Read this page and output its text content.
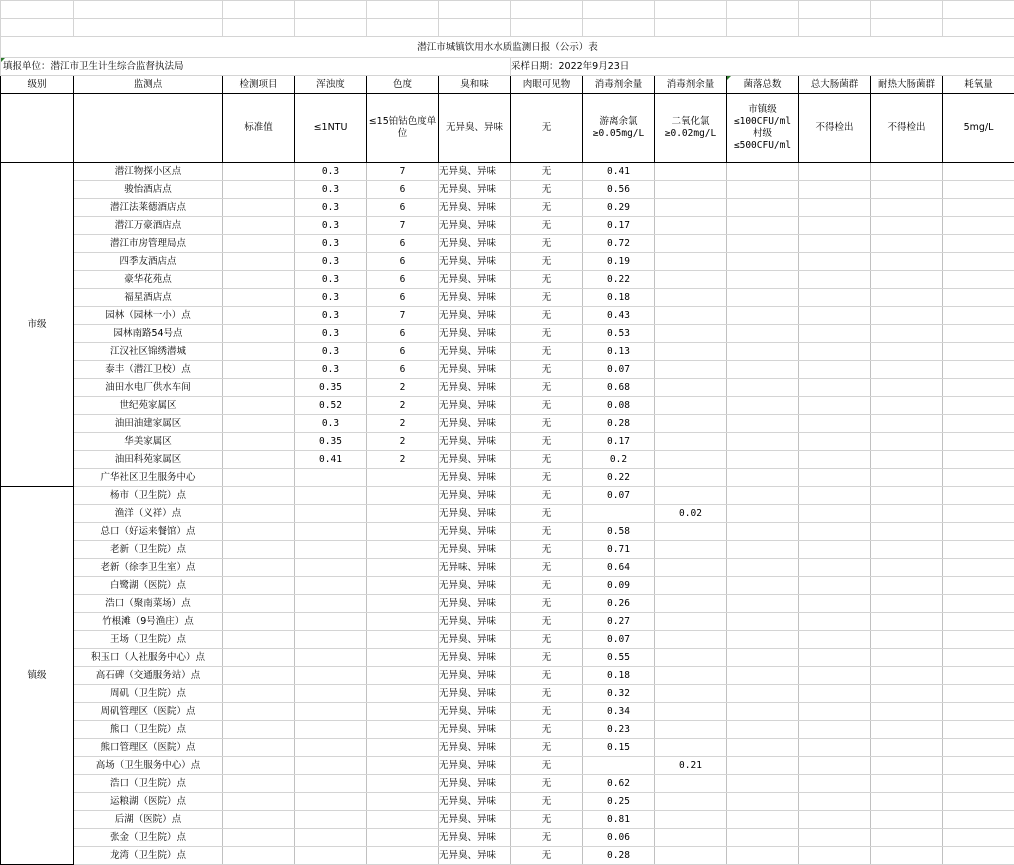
潜江市城镇饮用水水质监测日报（公示）表												
填报单位：潜江市卫生计生综合监督执法局						采样日期：2022年9月23日						
级别	监测点	检测项目	浑浊度	色度	臭和味	肉眼可见物	消毒剂余量	消毒剂余量	菌落总数	总大肠菌群	耐热大肠菌群	耗氧量
		标准值	≤1NTU	≤15铂钴色度单位	无异臭、异味	无	游离余氯≥0.05mg/L	二氧化氯≥0.02mg/L	市镇级≤100CFU/ml 村级≤500CFU/ml	不得检出	不得检出	5mg/L
市级	潜江物探小区点		0.3	7	无异臭、异味	无	0.41					
	骏怡酒店点		0.3	6	无异臭、异味	无	0.56					
	潜江法莱德酒店点		0.3	6	无异臭、异味	无	0.29					
	潜江万豪酒店点		0.3	7	无异臭、异味	无	0.17					
	潜江市房管理局点		0.3	6	无异臭、异味	无	0.72					
	四季友酒店点		0.3	6	无异臭、异味	无	0.19					
	豪华花苑点		0.3	6	无异臭、异味	无	0.22					
	福星酒店点		0.3	6	无异臭、异味	无	0.18					
	园林（园林一小）点		0.3	7	无异臭、异味	无	0.43					
	园林南路54号点		0.3	6	无异臭、异味	无	0.53					
	江汉社区锦绣潜城		0.3	6	无异臭、异味	无	0.13					
	泰丰（潜江卫校）点		0.3	6	无异臭、异味	无	0.07					
	油田水电厂供水车间		0.35	2	无异臭、异味	无	0.68					
	世纪苑家属区		0.52	2	无异臭、异味	无	0.08					
	油田油建家属区		0.3	2	无异臭、异味	无	0.28					
	华美家属区		0.35	2	无异臭、异味	无	0.17					
	油田科苑家属区		0.41	2	无异臭、异味	无	0.2					
	广华社区卫生服务中心				无异臭、异味	无	0.22					
镇级	杨市（卫生院）点				无异臭、异味	无	0.07					
	渔洋（义祥）点				无异臭、异味	无		0.02				
	总口（好运来餐馆）点				无异臭、异味	无	0.58					
	老新（卫生院）点				无异臭、异味	无	0.71					
	老新（徐李卫生室）点				无异味、异味	无	0.64					
	白鹭湖（医院）点				无异臭、异味	无	0.09					
	浩口（聚南菜场）点				无异臭、异味	无	0.26					
	竹根滩（9号渔庄）点				无异臭、异味	无	0.27					
	王场（卫生院）点				无异臭、异味	无	0.07					
	积玉口（人社服务中心）点				无异臭、异味	无	0.55					
	高石碑（交通服务站）点				无异臭、异味	无	0.18					
	周矶（卫生院）点				无异臭、异味	无	0.32					
	周矶管理区（医院）点				无异臭、异味	无	0.34					
	熊口（卫生院）点				无异臭、异味	无	0.23					
	熊口管理区（医院）点				无异臭、异味	无	0.15					
	高场（卫生服务中心）点				无异臭、异味	无		0.21				
	浩口（卫生院）点				无异臭、异味	无	0.62					
	运粮湖（医院）点				无异臭、异味	无	0.25					
	后湖（医院）点				无异臭、异味	无	0.81					
	张金（卫生院）点				无异臭、异味	无	0.06					
	龙湾（卫生院）点				无异臭、异味	无	0.28					
